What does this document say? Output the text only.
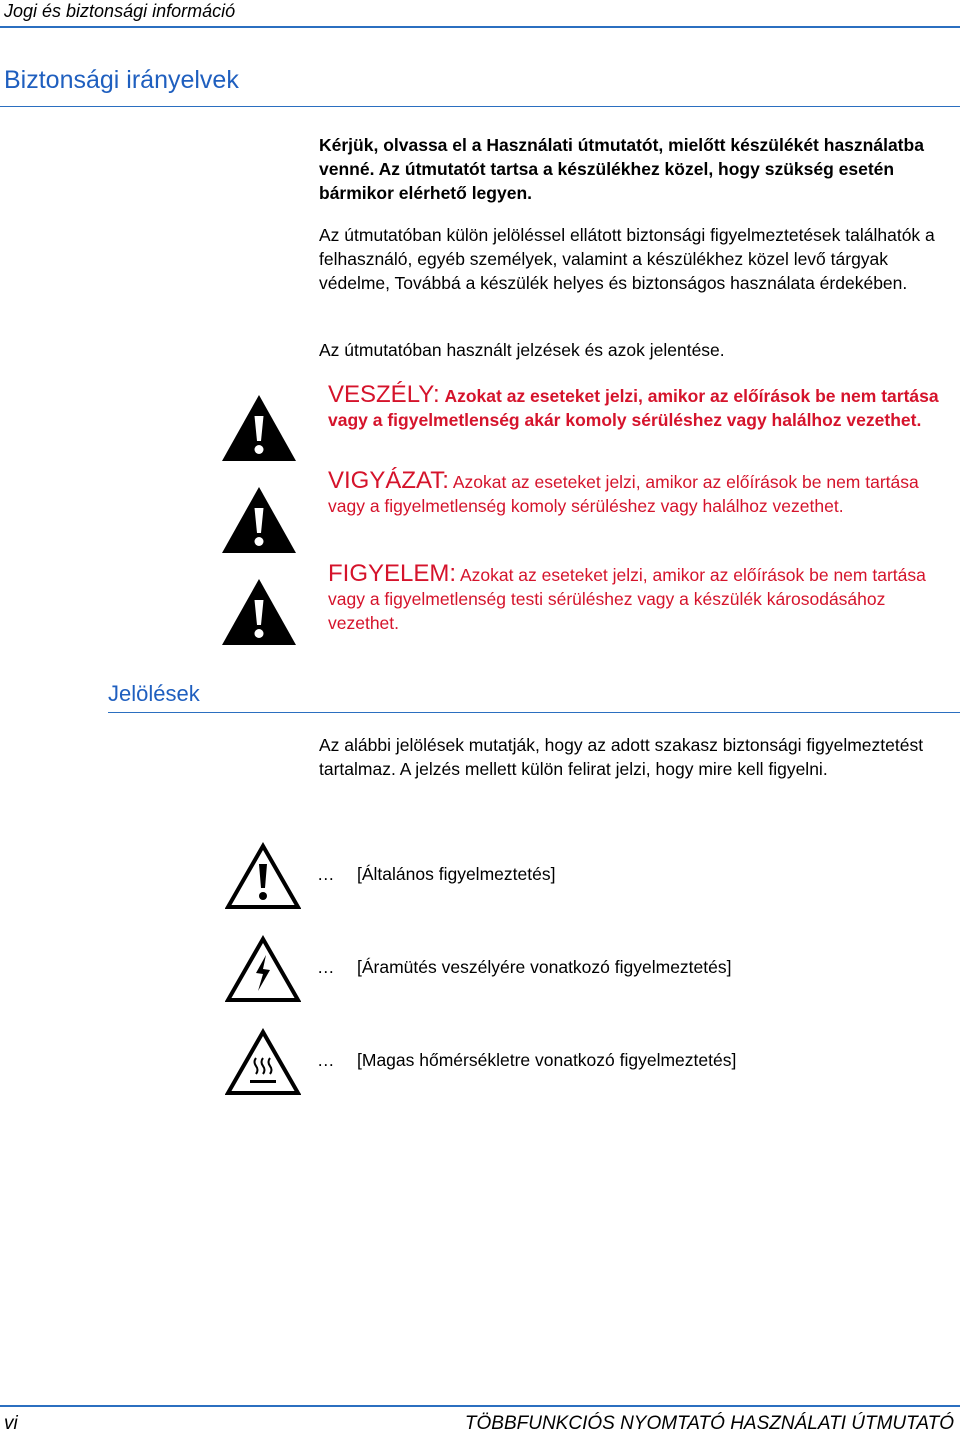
Jogi és biztonsági információ
Biztonsági irányelvek
Kérjük, olvassa el a Használati útmutatót, mielőtt készülékét használatba venné. Az útmutatót tartsa a készülékhez közel, hogy szükség esetén bármikor elérhető legyen.
Az útmutatóban külön jelöléssel ellátott biztonsági figyelmeztetések találhatók a felhasználó, egyéb személyek, valamint a készülékhez közel levő tárgyak védelme, Továbbá a készülék helyes és biztonságos használata érdekében.
Az útmutatóban használt jelzések és azok jelentése.
VESZÉLY: Azokat az eseteket jelzi, amikor az előírások be nem tartása vagy a figyelmetlenség akár komoly sérüléshez vagy halálhoz vezethet.
VIGYÁZAT: Azokat az eseteket jelzi, amikor az előírások be nem tartása vagy a figyelmetlenség komoly sérüléshez vagy halálhoz vezethet.
FIGYELEM: Azokat az eseteket jelzi, amikor az előírások be nem tartása vagy a figyelmetlenség testi sérüléshez vagy a készülék károsodásához vezethet.
Jelölések
Az alábbi jelölések mutatják, hogy az adott szakasz biztonsági figyelmeztetést tartalmaz. A jelzés mellett külön felirat jelzi, hogy mire kell figyelni.
… [Általános figyelmeztetés]
… [Áramütés veszélyére vonatkozó figyelmeztetés]
… [Magas hőmérsékletre vonatkozó figyelmeztetés]
vi	TÖBBFUNKCIÓS NYOMTATÓ HASZNÁLATI ÚTMUTATÓ
